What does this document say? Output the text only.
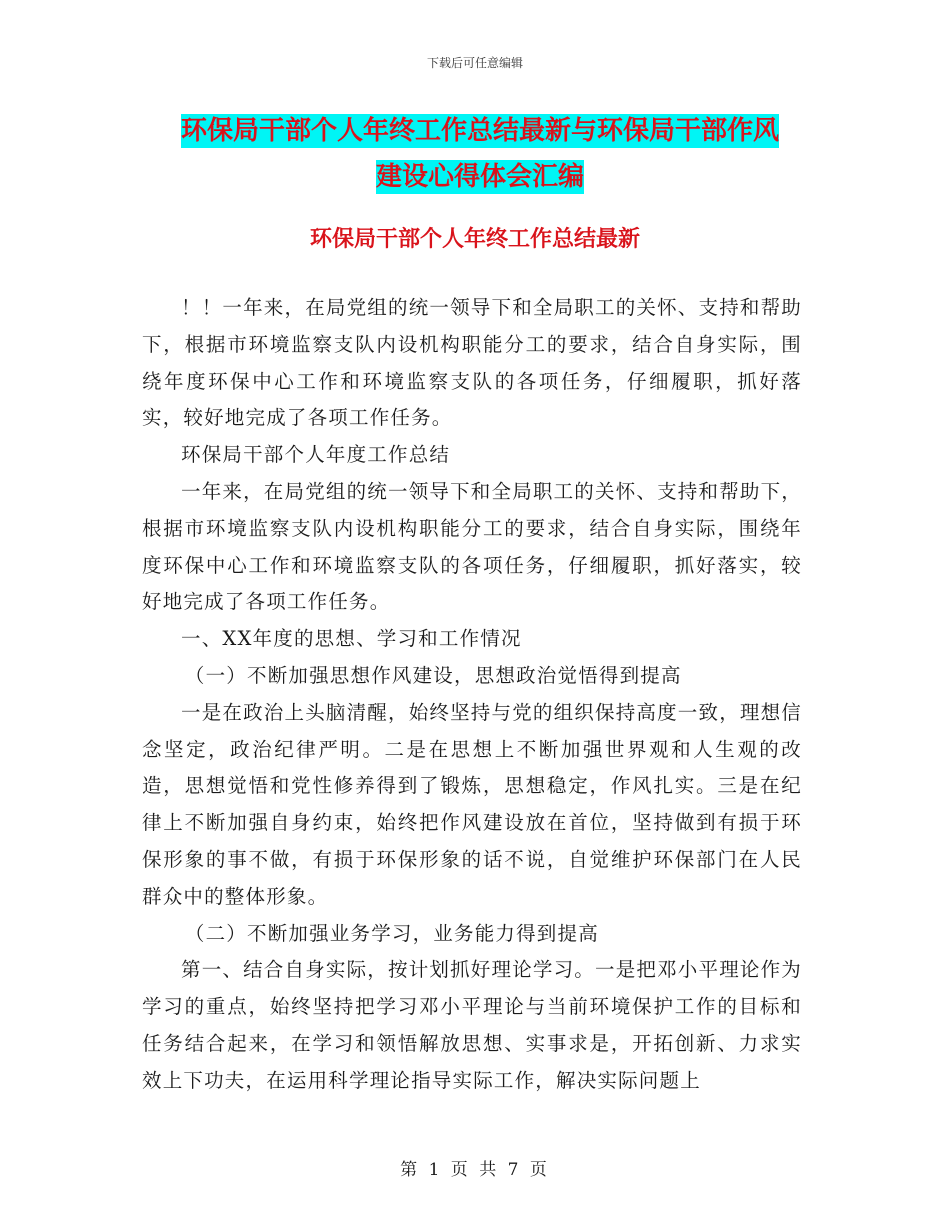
下载后可任意编辑
环保局干部个人年终工作总结最新与环保局干部作风
建设心得体会汇编
环保局干部个人年终工作总结最新

！！一年来，在局党组的统一领导下和全局职工的关怀、支持和帮助下，根据市环境监察支队内设机构职能分工的要求，结合自身实际，围绕年度环保中心工作和环境监察支队的各项任务，仔细履职，抓好落实，较好地完成了各项工作任务。

环保局干部个人年度工作总结

一年来，在局党组的统一领导下和全局职工的关怀、支持和帮助下，根据市环境监察支队内设机构职能分工的要求，结合自身实际，围绕年度环保中心工作和环境监察支队的各项任务，仔细履职，抓好落实，较好地完成了各项工作任务。

一、XX年度的思想、学习和工作情况

（一）不断加强思想作风建设，思想政治觉悟得到提高

一是在政治上头脑清醒，始终坚持与党的组织保持高度一致，理想信念坚定，政治纪律严明。二是在思想上不断加强世界观和人生观的改造，思想觉悟和党性修养得到了锻炼，思想稳定，作风扎实。三是在纪律上不断加强自身约束，始终把作风建设放在首位，坚持做到有损于环保形象的事不做，有损于环保形象的话不说，自觉维护环保部门在人民群众中的整体形象。

（二）不断加强业务学习，业务能力得到提高

第一、结合自身实际，按计划抓好理论学习。一是把邓小平理论作为学习的重点，始终坚持把学习邓小平理论与当前环境保护工作的目标和任务结合起来，在学习和领悟解放思想、实事求是，开拓创新、力求实效上下功夫，在运用科学理论指导实际工作，解决实际问题上

第 1 页 共 7 页
